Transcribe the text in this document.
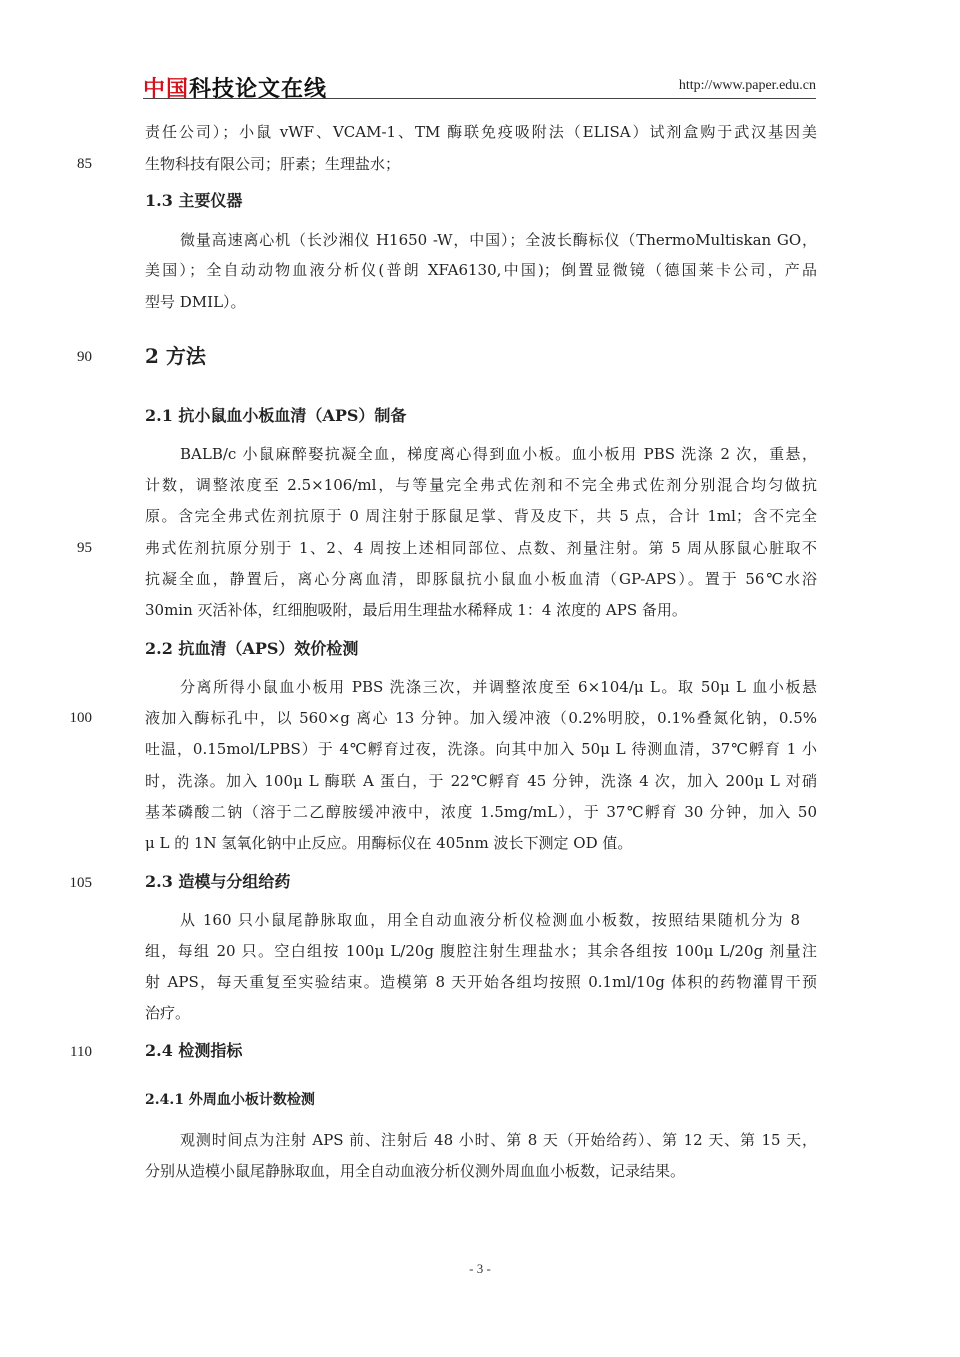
中国科技论文在线	http://www.paper.edu.cn
85
90
95
100
105
110
责任公司）；小鼠 vWF、VCAM-1、TM 酶联免疫吸附法（ELISA）试剂盒购于武汉基因美
生物科技有限公司；肝素；生理盐水；
1.3 主要仪器
微量高速离心机（长沙湘仪 H1650 -W，中国）；全波长酶标仪（ThermoMultiskan GO，
美国）；全自动动物血液分析仪(普朗 XFA6130,中国)；倒置显微镜（德国莱卡公司，产品
型号 DMIL）。
2 方法
2.1 抗小鼠血小板血清（APS）制备
BALB/c 小鼠麻醉娶抗凝全血，梯度离心得到血小板。血小板用 PBS 洗涤 2 次，重悬，
计数，调整浓度至 2.5×106/ml，与等量完全弗式佐剂和不完全弗式佐剂分别混合均匀做抗
原。含完全弗式佐剂抗原于 0 周注射于豚鼠足掌、背及皮下，共 5 点，合计 1ml；含不完全
弗式佐剂抗原分别于 1、2、4 周按上述相同部位、点数、剂量注射。第 5 周从豚鼠心脏取不
抗凝全血，静置后，离心分离血清，即豚鼠抗小鼠血小板血清（GP-APS）。置于 56℃水浴
30min 灭活补体，红细胞吸附，最后用生理盐水稀释成 1：4 浓度的 APS 备用。
2.2 抗血清（APS）效价检测
分离所得小鼠血小板用 PBS 洗涤三次，并调整浓度至 6×104/μ L。取 50μ L 血小板悬
液加入酶标孔中，以 560×g 离心 13 分钟。加入缓冲液（0.2%明胶，0.1%叠氮化钠，0.5%
吐温，0.15mol/LPBS）于 4℃孵育过夜，洗涤。向其中加入 50μ L 待测血清，37℃孵育 1 小
时，洗涤。加入 100μ L 酶联 A 蛋白，于 22℃孵育 45 分钟，洗涤 4 次，加入 200μ L 对硝
基苯磷酸二钠（溶于二乙醇胺缓冲液中，浓度 1.5mg/mL），于 37℃孵育 30 分钟，加入 50
μ L 的 1N 氢氧化钠中止反应。用酶标仪在 405nm 波长下测定 OD 值。
2.3 造模与分组给药
从 160 只小鼠尾静脉取血，用全自动血液分析仪检测血小板数，按照结果随机分为 8
组，每组 20 只。空白组按 100μ L/20g 腹腔注射生理盐水；其余各组按 100μ L/20g 剂量注
射 APS，每天重复至实验结束。造模第 8 天开始各组均按照 0.1ml/10g 体积的药物灌胃干预
治疗。
2.4 检测指标
2.4.1 外周血小板计数检测
观测时间点为注射 APS 前、注射后 48 小时、第 8 天（开始给药）、第 12 天、第 15 天，
分别从造模小鼠尾静脉取血，用全自动血液分析仪测外周血血小板数，记录结果。
- 3 -
